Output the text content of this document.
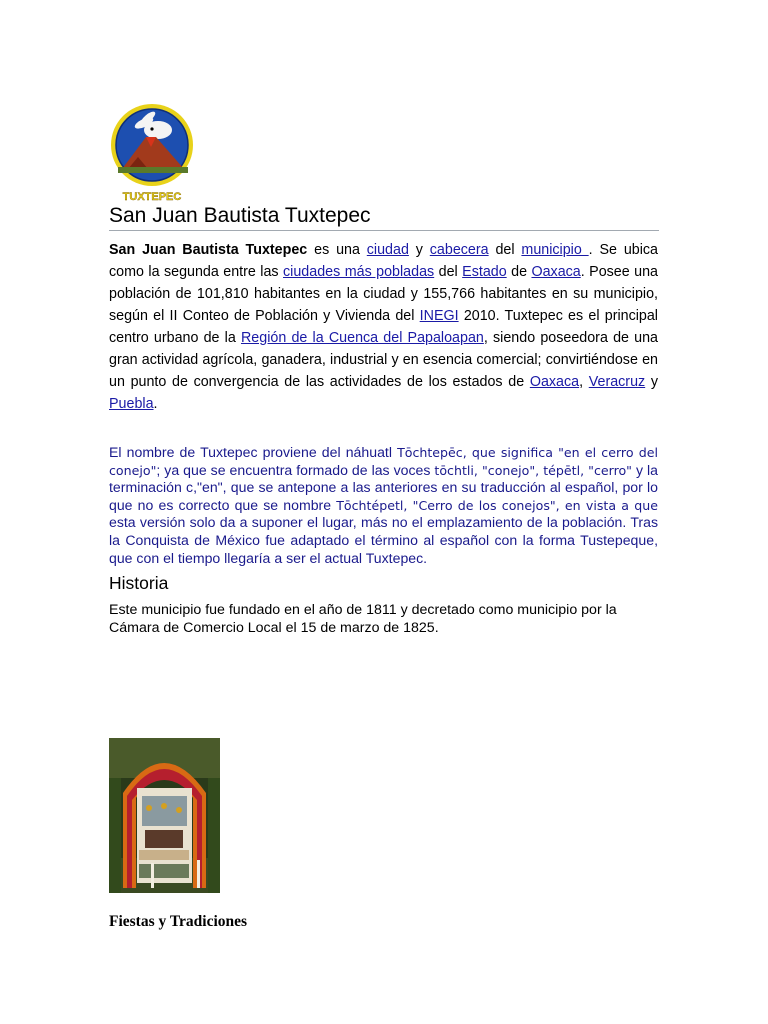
TUXTEPEC
San Juan Bautista Tuxtepec

San Juan Bautista Tuxtepec es una ciudad y cabecera del municipio . Se ubica como la segunda entre las ciudades más pobladas del Estado de Oaxaca. Posee una población de 101,810 habitantes en la ciudad y 155,766 habitantes en su municipio, según el II Conteo de Población y Vivienda del INEGI 2010. Tuxtepec es el principal centro urbano de la Región de la Cuenca del Papaloapan, siendo poseedora de una gran actividad agrícola, ganadera, industrial y en esencia comercial; convirtiéndose en un punto de convergencia de las actividades de los estados de Oaxaca, Veracruz y Puebla.

El nombre de Tuxtepec proviene del náhuatl Tōchtepēc, que significa "en el cerro del conejo"; ya que se encuentra formado de las voces tōchtli, "conejo", tépētl, "cerro" y la terminación c,"en", que se antepone a las anteriores en su traducción al español, por lo que no es correcto que se nombre Tōchtépetl, "Cerro de los conejos", en vista a que esta versión solo da a suponer el lugar, más no el emplazamiento de la población. Tras la Conquista de México fue adaptado el término al español con la forma Tustepeque, que con el tiempo llegaría a ser el actual Tuxtepec.

Historia

Este municipio fue fundado en el año de 1811 y decretado como municipio por la Cámara de Comercio Local el 15 de marzo de 1825.

Fiestas y Tradiciones
